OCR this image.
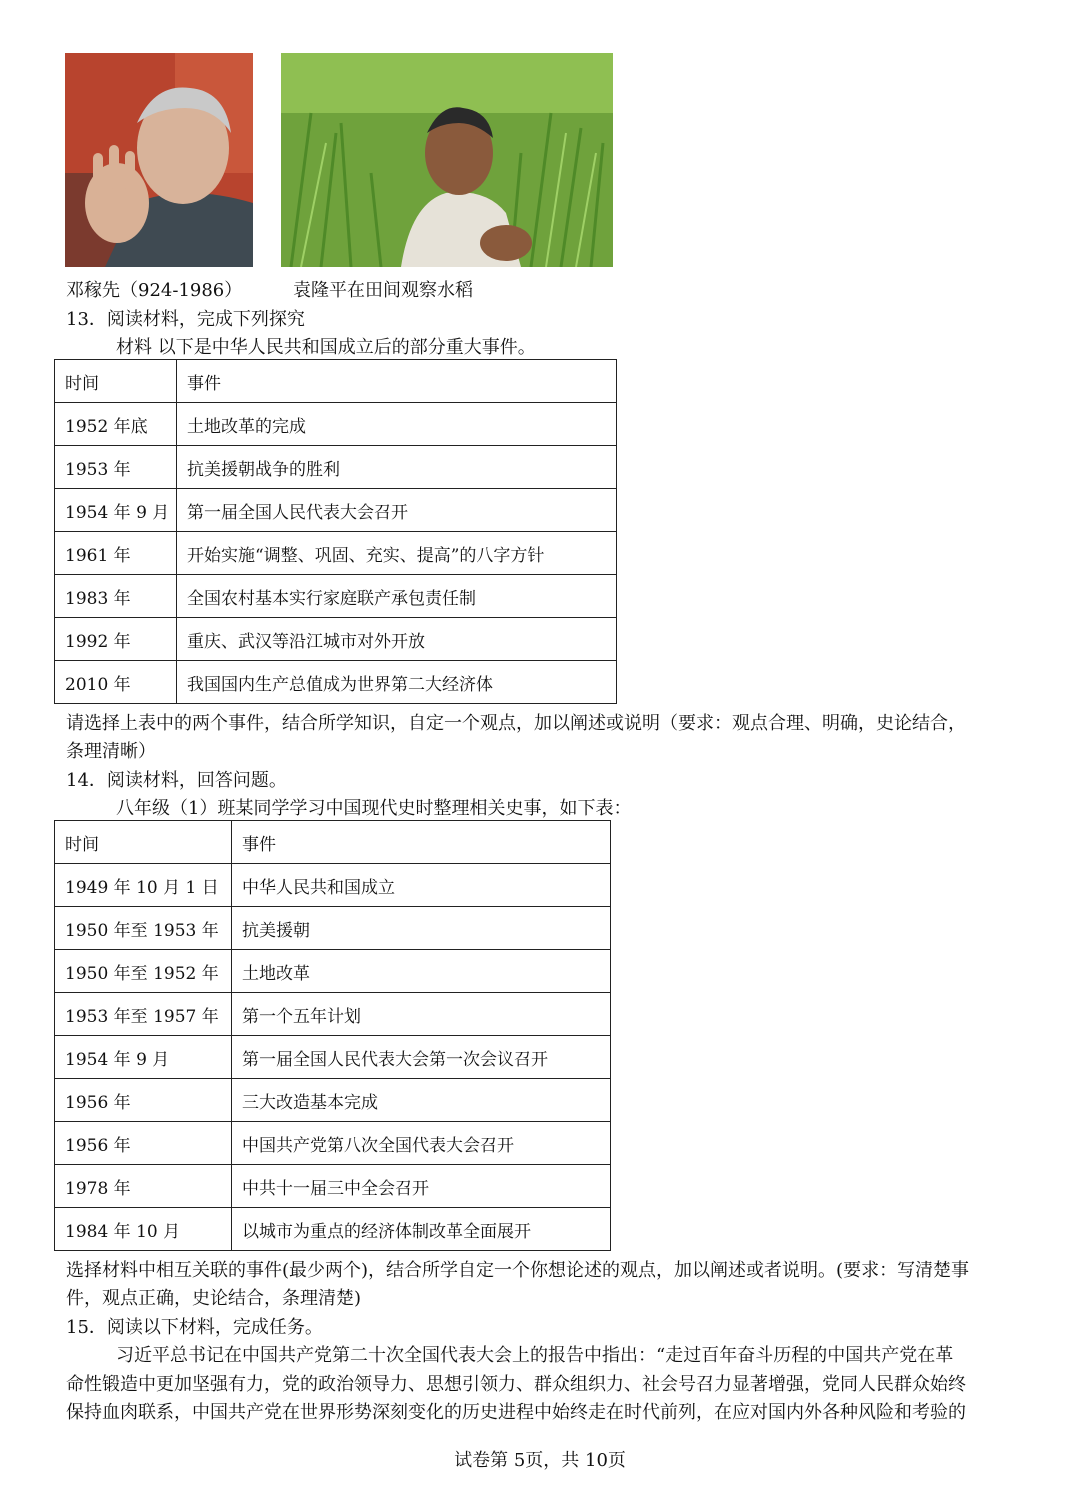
邓稼先（924-1986）	袁隆平在田间观察水稻
13．阅读材料，完成下列探究
材料 以下是中华人民共和国成立后的部分重大事件。
时间	事件
1952 年底	土地改革的完成
1953 年	抗美援朝战争的胜利
1954 年 9 月	第一届全国人民代表大会召开
1961 年	开始实施“调整、巩固、充实、提高”的八字方针
1983 年	全国农村基本实行家庭联产承包责任制
1992 年	重庆、武汉等沿江城市对外开放
2010 年	我国国内生产总值成为世界第二大经济体
请选择上表中的两个事件，结合所学知识，自定一个观点，加以阐述或说明（要求：观点合理、明确，史论结合，
条理清晰）
14．阅读材料，回答问题。
八年级（1）班某同学学习中国现代史时整理相关史事，如下表：
时间	事件
1949 年 10 月 1 日	中华人民共和国成立
1950 年至 1953 年	抗美援朝
1950 年至 1952 年	土地改革
1953 年至 1957 年	第一个五年计划
1954 年 9 月	第一届全国人民代表大会第一次会议召开
1956 年	三大改造基本完成
1956 年	中国共产党第八次全国代表大会召开
1978 年	中共十一届三中全会召开
1984 年 10 月	以城市为重点的经济体制改革全面展开
选择材料中相互关联的事件(最少两个)，结合所学自定一个你想论述的观点，加以阐述或者说明。(要求：写清楚事
件，观点正确，史论结合，条理清楚)
15．阅读以下材料，完成任务。
习近平总书记在中国共产党第二十次全国代表大会上的报告中指出：“走过百年奋斗历程的中国共产党在革
命性锻造中更加坚强有力，党的政治领导力、思想引领力、群众组织力、社会号召力显著增强，党同人民群众始终
保持血肉联系，中国共产党在世界形势深刻变化的历史进程中始终走在时代前列，在应对国内外各种风险和考验的
试卷第 5页，共 10页
